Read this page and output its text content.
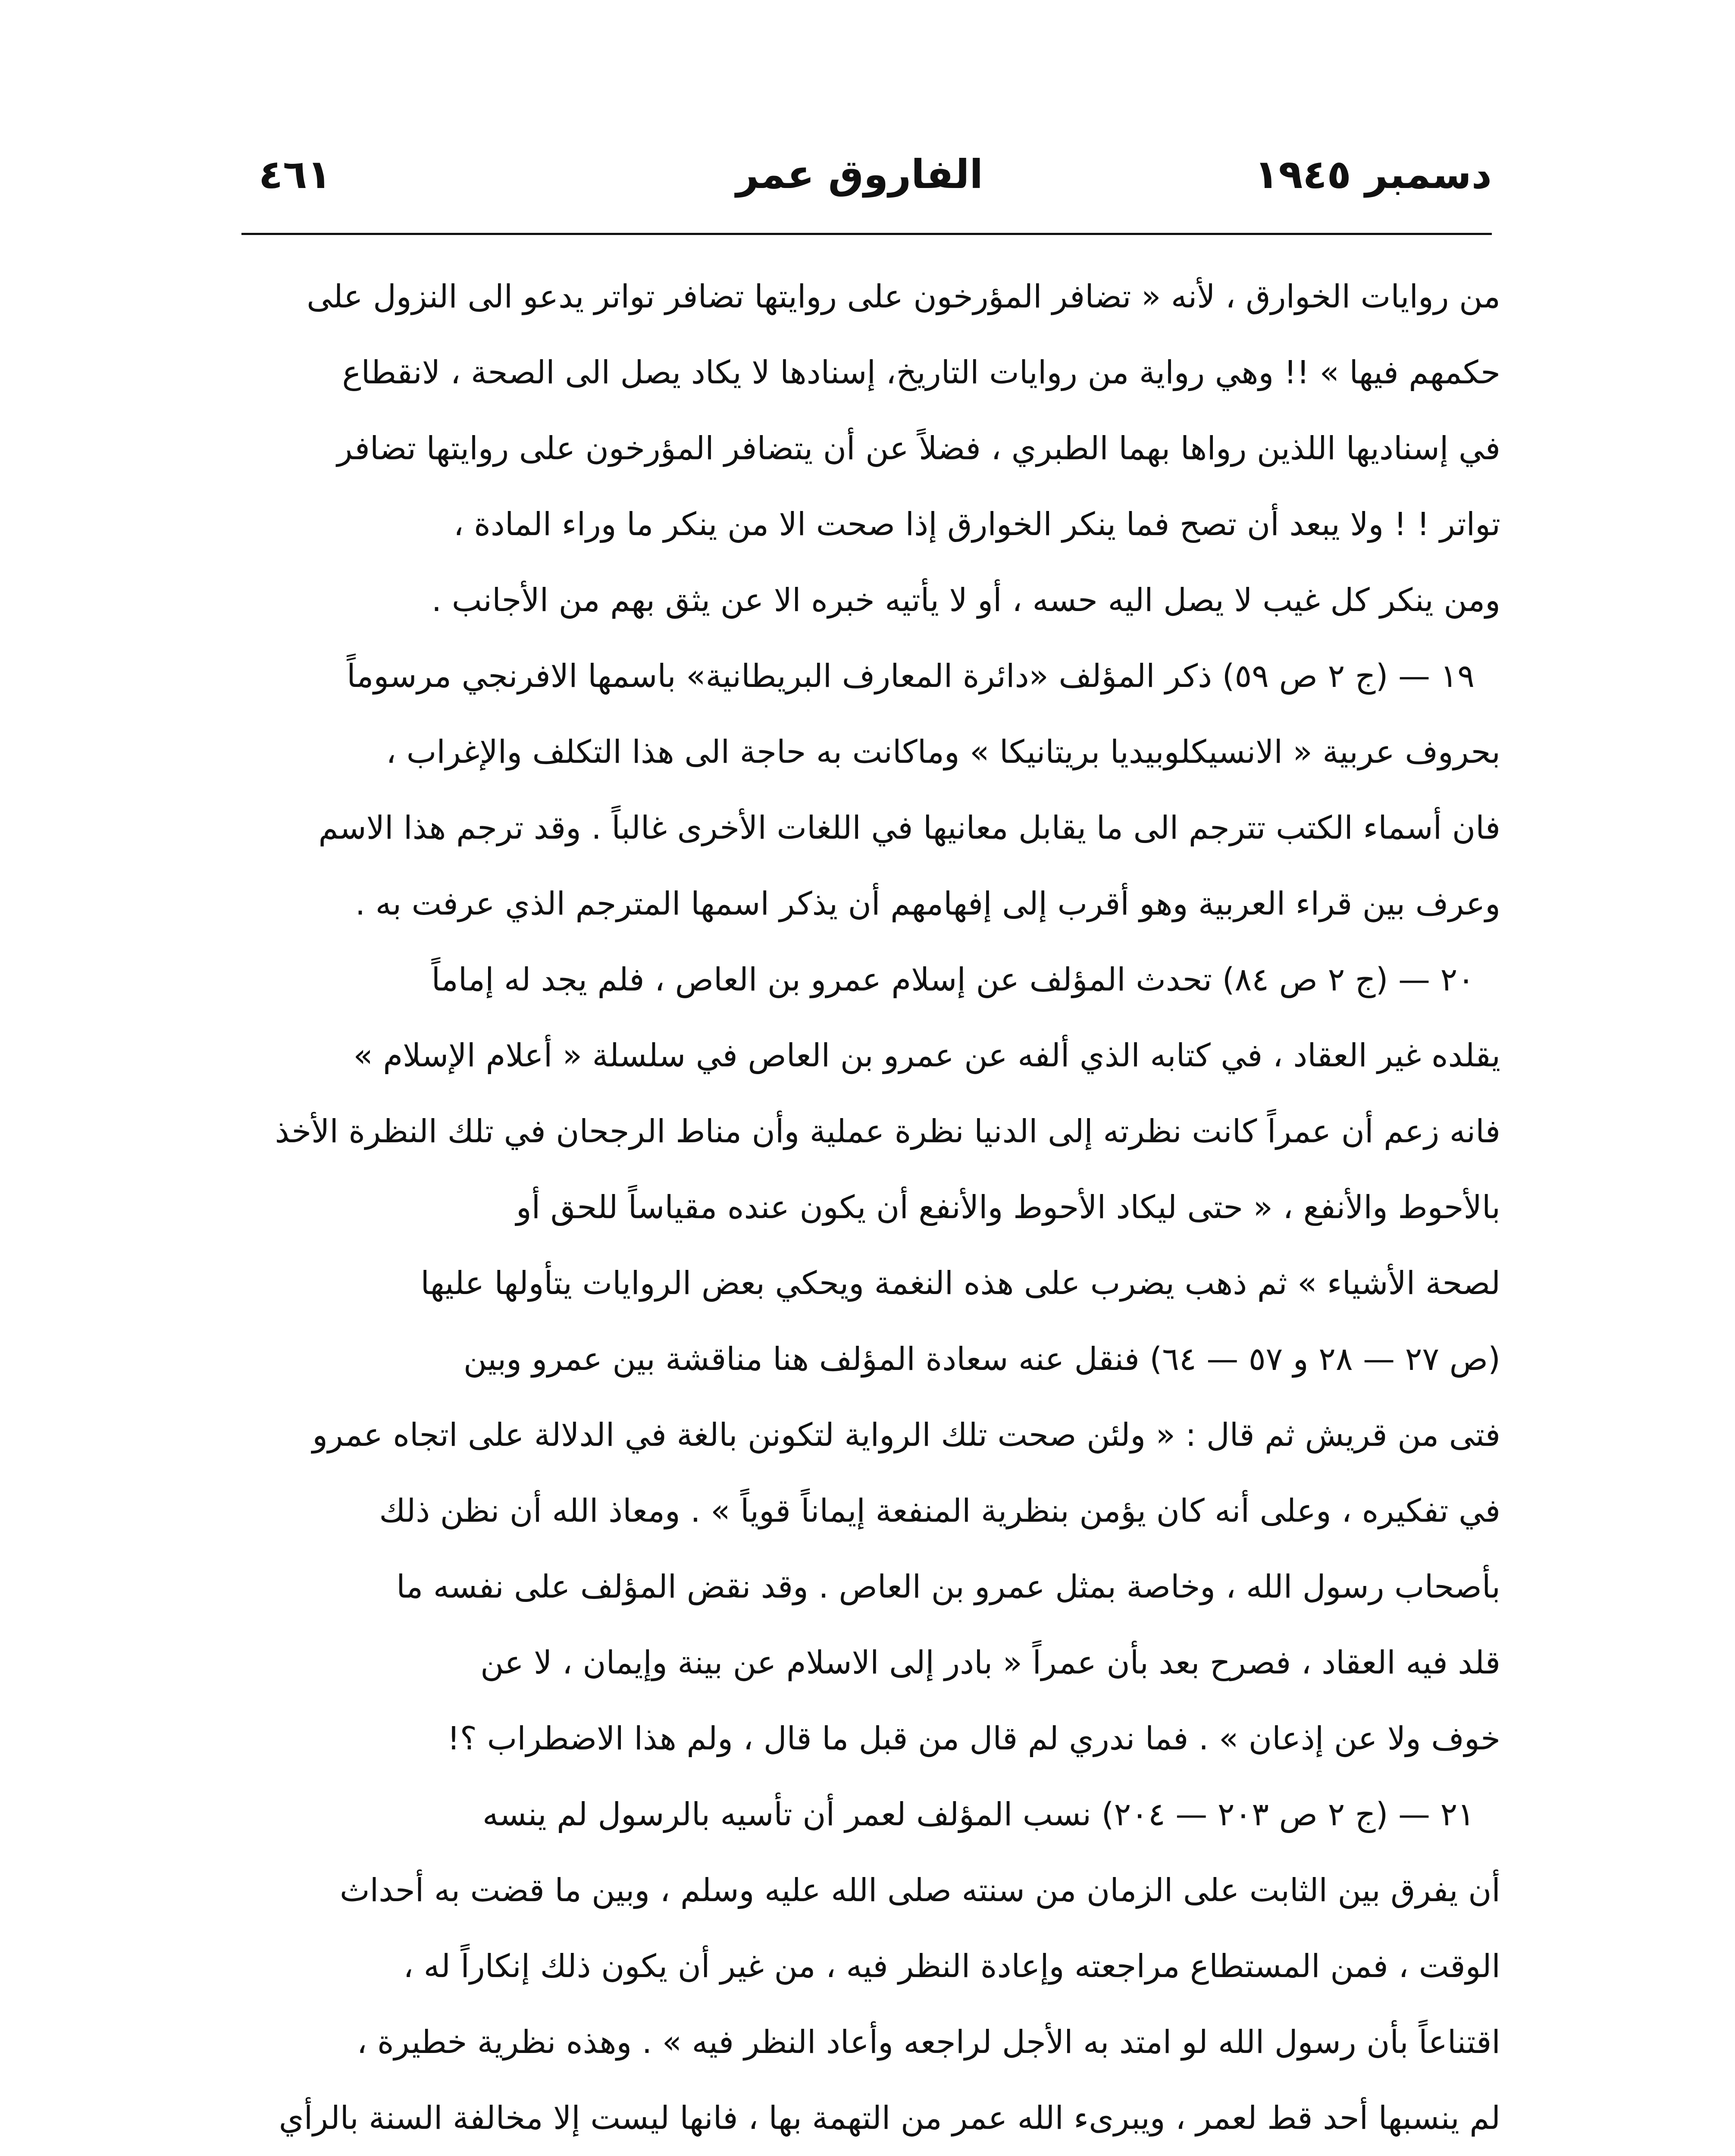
دسمبر ١٩٤٥
الفاروق عمر
٤٦١
من روايات الخوارق ، لأنه « تضافر المؤرخون على روايتها تضافر تواتر يدعو الى النزول على
حكمهم فيها » !! وهي رواية من روايات التاريخ، إسنادها لا يكاد يصل الى الصحة ، لانقطاع
في إسناديها اللذين رواها بهما الطبري ، فضلاً عن أن يتضافر المؤرخون على روايتها تضافر
تواتر ! ! ولا يبعد أن تصح فما ينكر الخوارق إذا صحت الا من ينكر ما وراء المادة ،
ومن ينكر كل غيب لا يصل اليه حسه ، أو لا يأتيه خبره الا عن يثق بهم من الأجانب .
١٩ — (ج ٢ ص ٥٩) ذكر المؤلف «دائرة المعارف البريطانية» باسمها الافرنجي مرسوماً
بحروف عربية « الانسيكلوبيديا بريتانيكا » وماكانت به حاجة الى هذا التكلف والإغراب ،
فان أسماء الكتب تترجم الى ما يقابل معانيها في اللغات الأخرى غالباً . وقد ترجم هذا الاسم
وعرف بين قراء العربية وهو أقرب إلى إفهامهم أن يذكر اسمها المترجم الذي عرفت به .
٢٠ — (ج ٢ ص ٨٤) تحدث المؤلف عن إسلام عمرو بن العاص ، فلم يجد له إماماً
يقلده غير العقاد ، في كتابه الذي ألفه عن عمرو بن العاص في سلسلة « أعلام الإسلام »
فانه زعم أن عمراً كانت نظرته إلى الدنيا نظرة عملية وأن مناط الرجحان في تلك النظرة الأخذ
بالأحوط والأنفع ، « حتى ليكاد الأحوط والأنفع أن يكون عنده مقياساً للحق أو
لصحة الأشياء » ثم ذهب يضرب على هذه النغمة ويحكي بعض الروايات يتأولها عليها
(ص ٢٧ — ٢٨ و ٥٧ — ٦٤) فنقل عنه سعادة المؤلف هنا مناقشة بين عمرو وبين
فتى من قريش ثم قال : « ولئن صحت تلك الرواية لتكونن بالغة في الدلالة على اتجاه عمرو
في تفكيره ، وعلى أنه كان يؤمن بنظرية المنفعة إيماناً قوياً » . ومعاذ الله أن نظن ذلك
بأصحاب رسول الله ، وخاصة بمثل عمرو بن العاص . وقد نقض المؤلف على نفسه ما
قلد فيه العقاد ، فصرح بعد بأن عمراً « بادر إلى الاسلام عن بينة وإيمان ، لا عن
خوف ولا عن إذعان » . فما ندري لم قال من قبل ما قال ، ولم هذا الاضطراب ؟!
٢١ — (ج ٢ ص ٢٠٣ — ٢٠٤) نسب المؤلف لعمر أن تأسيه بالرسول لم ينسه
أن يفرق بين الثابت على الزمان من سنته صلى الله عليه وسلم ، وبين ما قضت به أحداث
الوقت ، فمن المستطاع مراجعته وإعادة النظر فيه ، من غير أن يكون ذلك إنكاراً له ،
اقتناعاً بأن رسول الله لو امتد به الأجل لراجعه وأعاد النظر فيه » . وهذه نظرية خطيرة ،
لم ينسبها أحد قط لعمر ، ويبرىء الله عمر من التهمة بها ، فانها ليست إلا مخالفة السنة بالرأي
